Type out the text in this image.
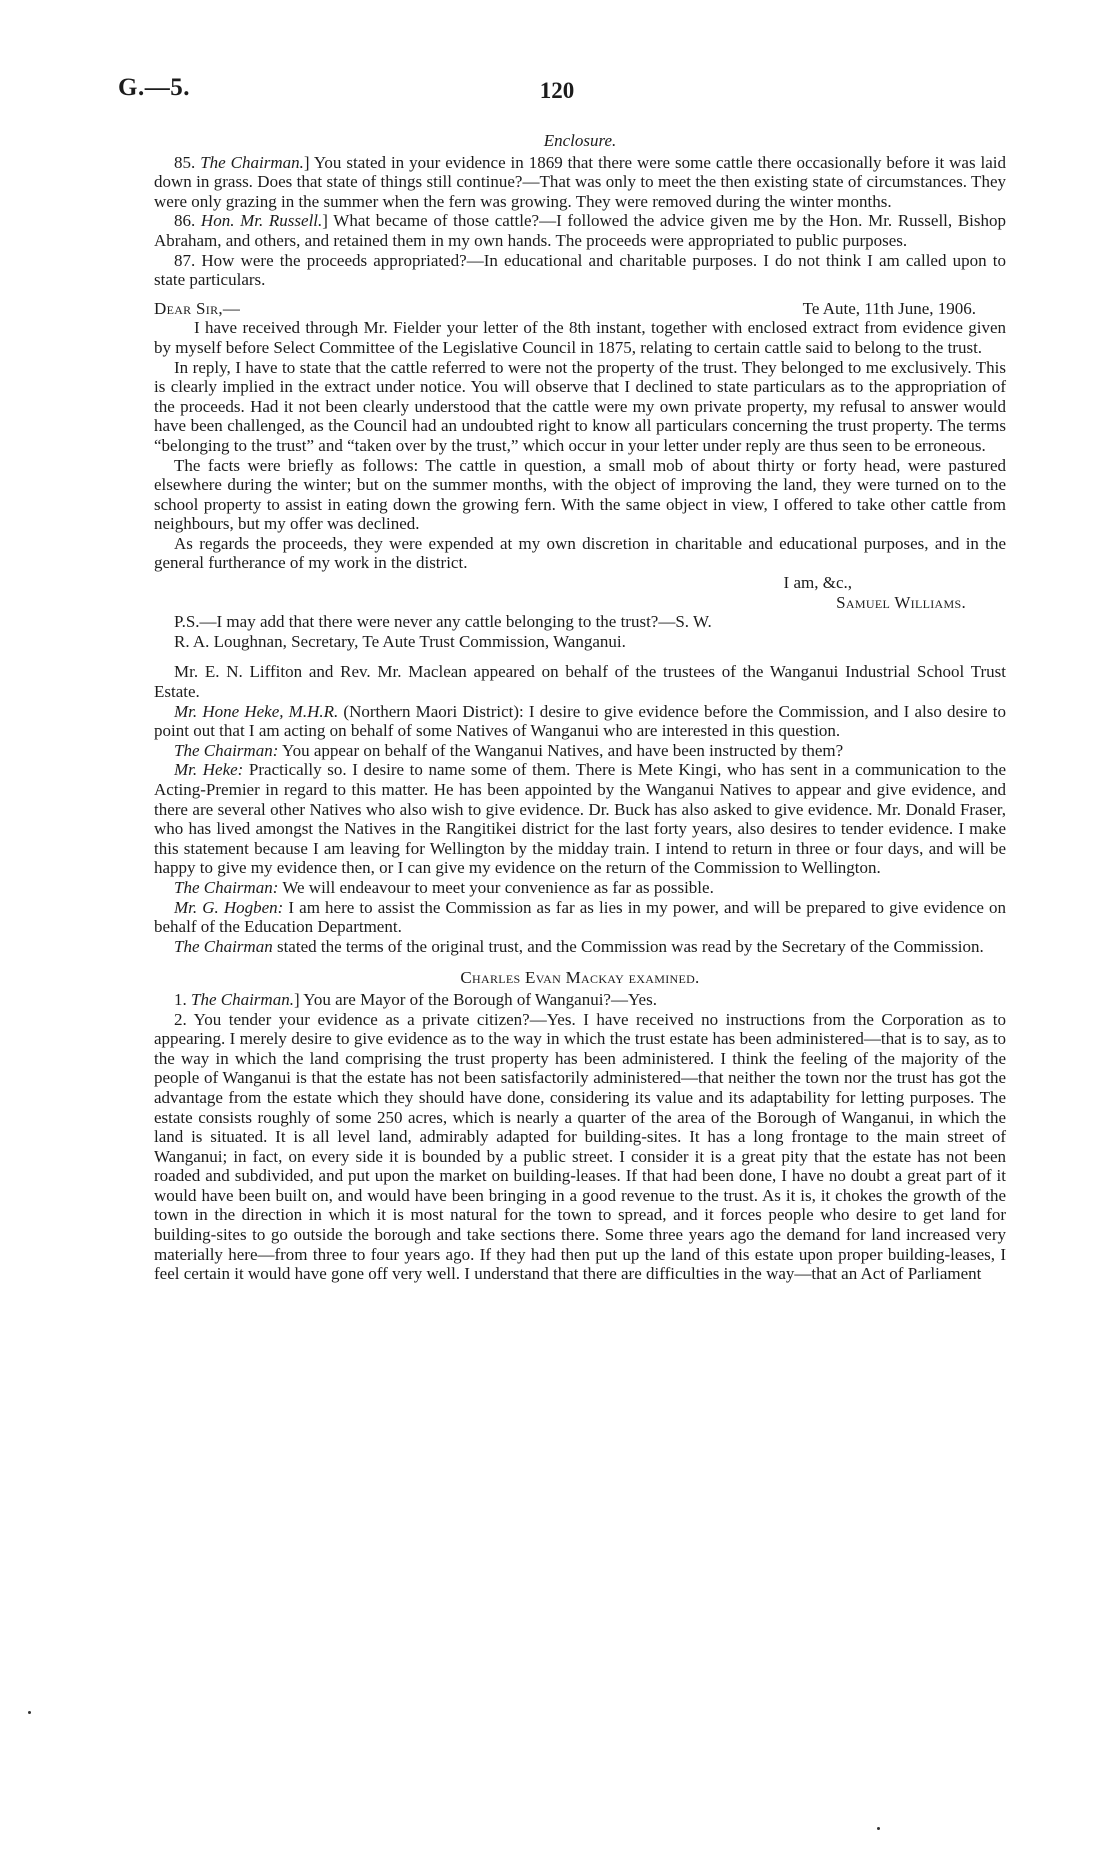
G.—5.	120

Enclosure.

85. The Chairman.] You stated in your evidence in 1869 that there were some cattle there occasionally before it was laid down in grass. Does that state of things still continue?—That was only to meet the then existing state of circumstances. They were only grazing in the summer when the fern was growing. They were removed during the winter months.

86. Hon. Mr. Russell.] What became of those cattle?—I followed the advice given me by the Hon. Mr. Russell, Bishop Abraham, and others, and retained them in my own hands. The proceeds were appropriated to public purposes.

87. How were the proceeds appropriated?—In educational and charitable purposes. I do not think I am called upon to state particulars.

Dear Sir,—	Te Aute, 11th June, 1906.

I have received through Mr. Fielder your letter of the 8th instant, together with enclosed extract from evidence given by myself before Select Committee of the Legislative Council in 1875, relating to certain cattle said to belong to the trust.

In reply, I have to state that the cattle referred to were not the property of the trust. They belonged to me exclusively. This is clearly implied in the extract under notice. You will observe that I declined to state particulars as to the appropriation of the proceeds. Had it not been clearly understood that the cattle were my own private property, my refusal to answer would have been challenged, as the Council had an undoubted right to know all particulars concerning the trust property. The terms “belonging to the trust” and “taken over by the trust,” which occur in your letter under reply are thus seen to be erroneous.

The facts were briefly as follows: The cattle in question, a small mob of about thirty or forty head, were pastured elsewhere during the winter; but on the summer months, with the object of improving the land, they were turned on to the school property to assist in eating down the growing fern. With the same object in view, I offered to take other cattle from neighbours, but my offer was declined.

As regards the proceeds, they were expended at my own discretion in charitable and educational purposes, and in the general furtherance of my work in the district.

I am, &c.,

Samuel Williams.

P.S.—I may add that there were never any cattle belonging to the trust?—S. W.

R. A. Loughnan, Secretary, Te Aute Trust Commission, Wanganui.

Mr. E. N. Liffiton and Rev. Mr. Maclean appeared on behalf of the trustees of the Wanganui Industrial School Trust Estate.

Mr. Hone Heke, M.H.R. (Northern Maori District): I desire to give evidence before the Commission, and I also desire to point out that I am acting on behalf of some Natives of Wanganui who are interested in this question.

The Chairman: You appear on behalf of the Wanganui Natives, and have been instructed by them?

Mr. Heke: Practically so. I desire to name some of them. There is Mete Kingi, who has sent in a communication to the Acting-Premier in regard to this matter. He has been appointed by the Wanganui Natives to appear and give evidence, and there are several other Natives who also wish to give evidence. Dr. Buck has also asked to give evidence. Mr. Donald Fraser, who has lived amongst the Natives in the Rangitikei district for the last forty years, also desires to tender evidence. I make this statement because I am leaving for Wellington by the midday train. I intend to return in three or four days, and will be happy to give my evidence then, or I can give my evidence on the return of the Commission to Wellington.

The Chairman: We will endeavour to meet your convenience as far as possible.

Mr. G. Hogben: I am here to assist the Commission as far as lies in my power, and will be prepared to give evidence on behalf of the Education Department.

The Chairman stated the terms of the original trust, and the Commission was read by the Secretary of the Commission.

Charles Evan Mackay examined.

1. The Chairman.] You are Mayor of the Borough of Wanganui?—Yes.

2. You tender your evidence as a private citizen?—Yes. I have received no instructions from the Corporation as to appearing. I merely desire to give evidence as to the way in which the trust estate has been administered—that is to say, as to the way in which the land comprising the trust property has been administered. I think the feeling of the majority of the people of Wanganui is that the estate has not been satisfactorily administered—that neither the town nor the trust has got the advantage from the estate which they should have done, considering its value and its adaptability for letting purposes. The estate consists roughly of some 250 acres, which is nearly a quarter of the area of the Borough of Wanganui, in which the land is situated. It is all level land, admirably adapted for building-sites. It has a long frontage to the main street of Wanganui; in fact, on every side it is bounded by a public street. I consider it is a great pity that the estate has not been roaded and subdivided, and put upon the market on building-leases. If that had been done, I have no doubt a great part of it would have been built on, and would have been bringing in a good revenue to the trust. As it is, it chokes the growth of the town in the direction in which it is most natural for the town to spread, and it forces people who desire to get land for building-sites to go outside the borough and take sections there. Some three years ago the demand for land increased very materially here—from three to four years ago. If they had then put up the land of this estate upon proper building-leases, I feel certain it would have gone off very well. I understand that there are difficulties in the way—that an Act of Parliament
